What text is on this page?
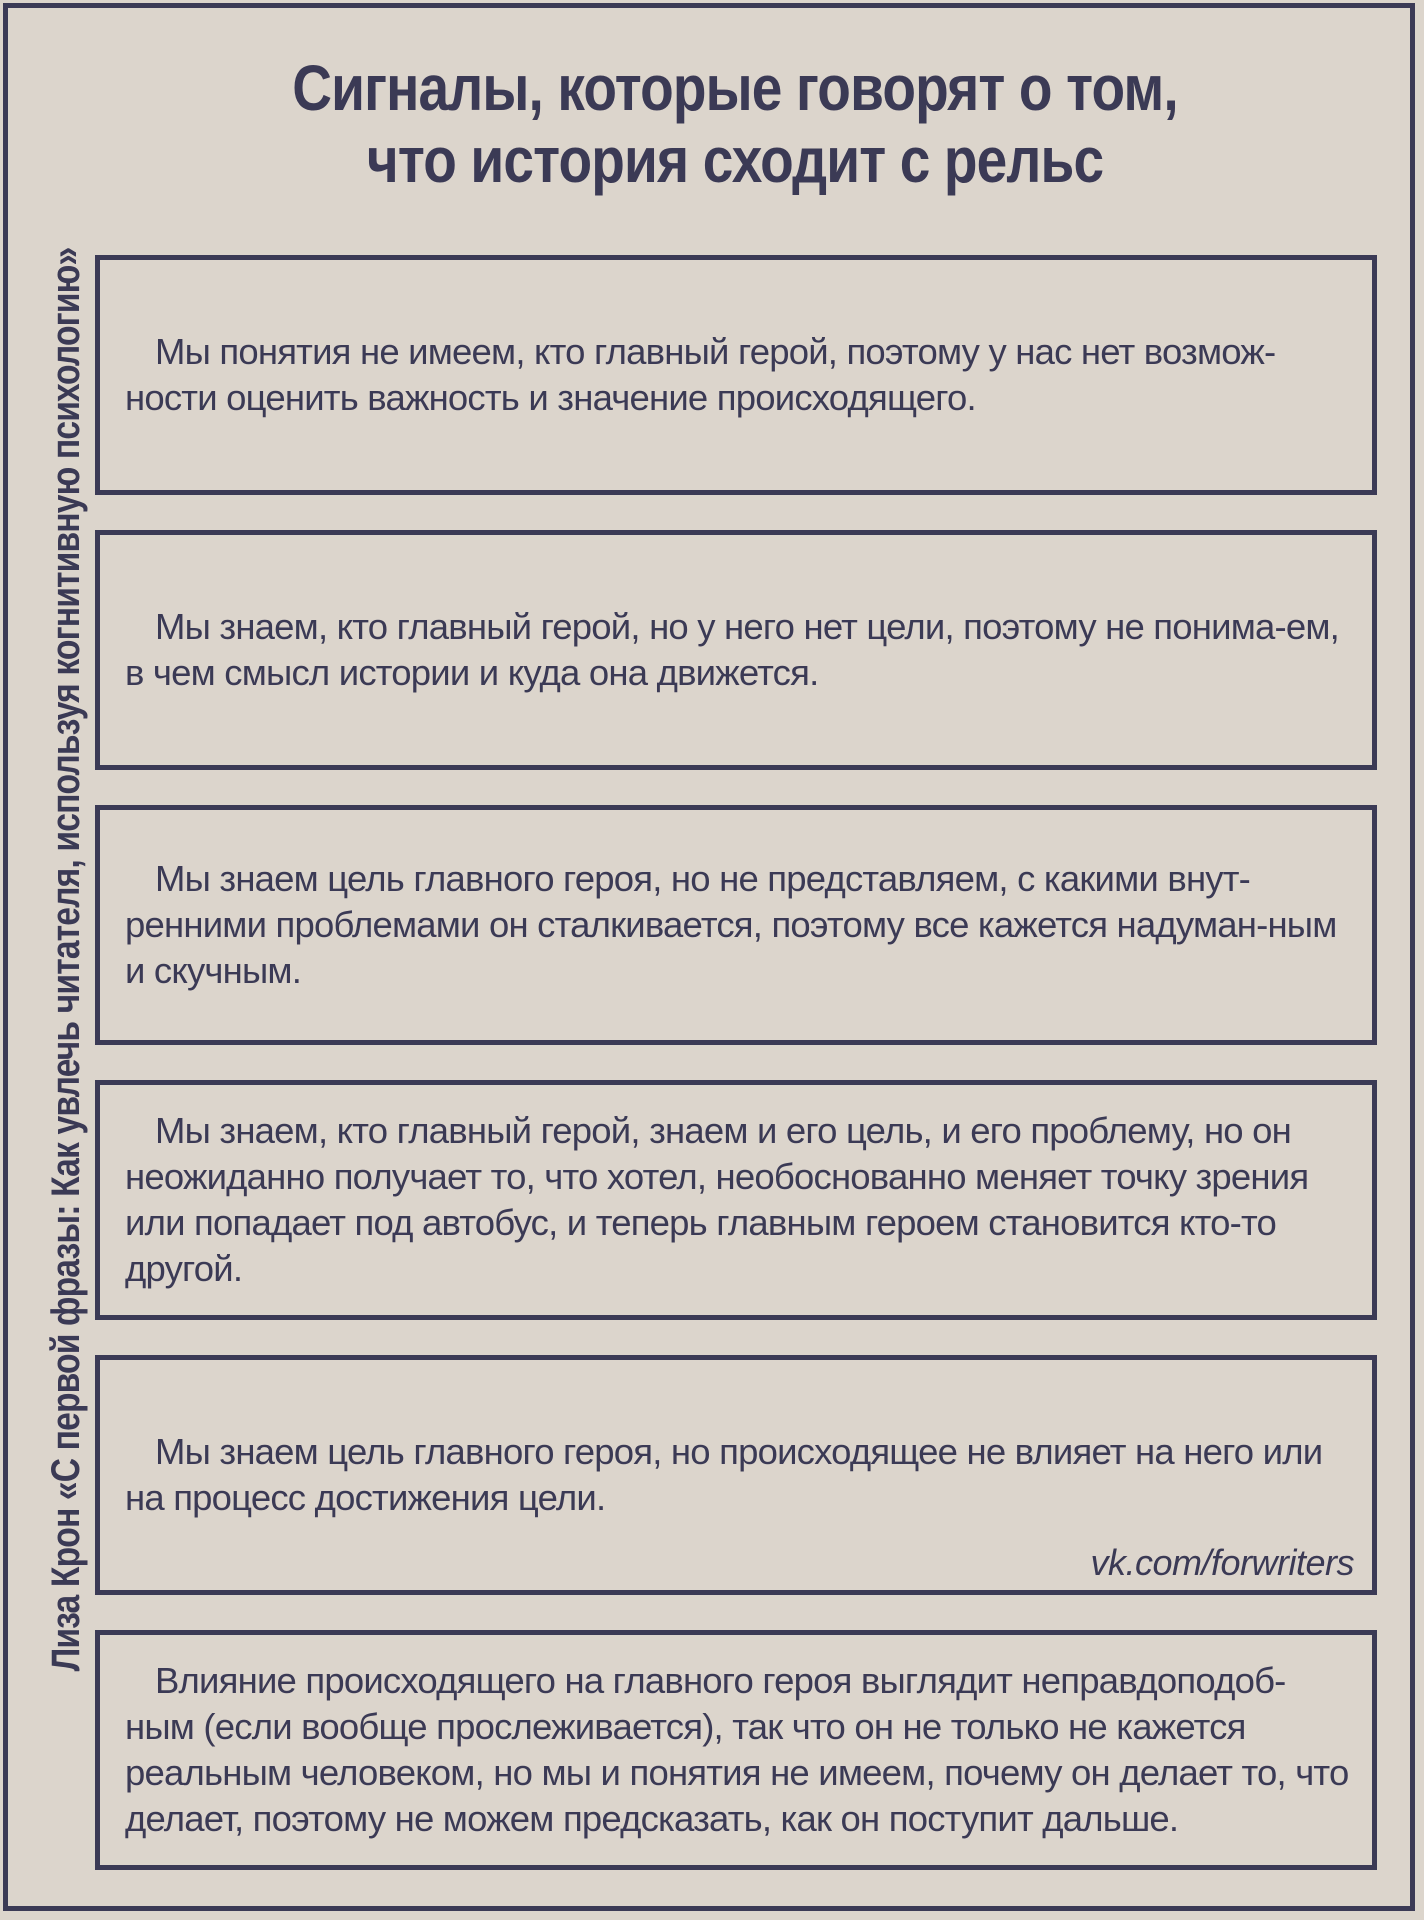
Лиза Крон «С первой фразы: Как увлечь читателя, используя когнитивную психологию»
Сигналы, которые говорят о том,
что история сходит с рельс

Мы понятия не имеем, кто главный герой, поэтому у нас нет возмож-ности оценить важность и значение происходящего.

Мы знаем, кто главный герой, но у него нет цели, поэтому не понима-ем, в чем смысл истории и куда она движется.

Мы знаем цель главного героя, но не представляем, с какими внут-ренними проблемами он сталкивается, поэтому все кажется надуман-ным и скучным.

Мы знаем, кто главный герой, знаем и его цель, и его проблему, но он неожиданно получает то, что хотел, необоснованно меняет точку зрения или попадает под автобус, и теперь главным героем становится кто-то другой.

Мы знаем цель главного героя, но происходящее не влияет на него или на процесс достижения цели.

vk.com/forwriters

Влияние происходящего на главного героя выглядит неправдоподоб-ным (если вообще прослеживается), так что он не только не кажется реальным человеком, но мы и понятия не имеем, почему он делает то, что делает, поэтому не можем предсказать, как он поступит дальше.
